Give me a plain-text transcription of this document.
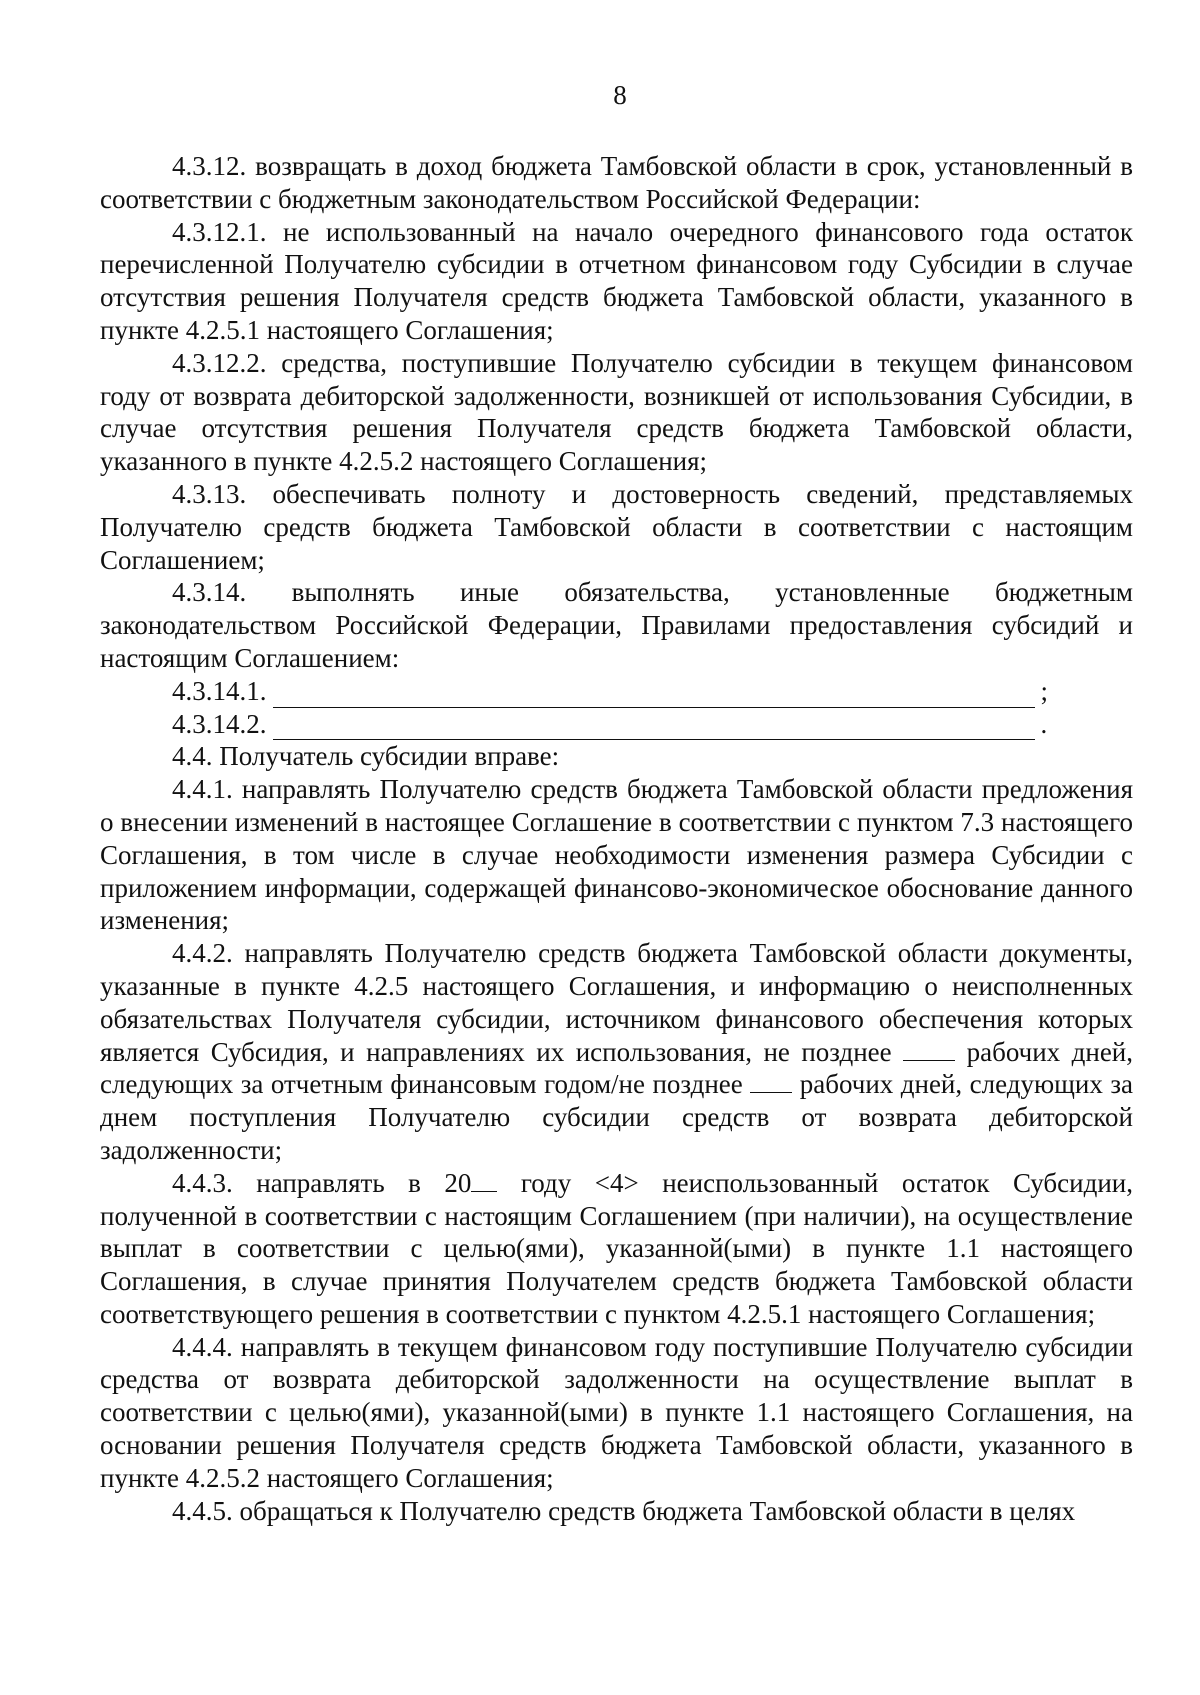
8

4.3.12. возвращать в доход бюджета Тамбовской области в срок, установленный в соответствии с бюджетным законодательством Российской Федерации:

4.3.12.1. не использованный на начало очередного финансового года остаток перечисленной Получателю субсидии в отчетном финансовом году Субсидии в случае отсутствия решения Получателя средств бюджета Тамбовской области, указанного в пункте 4.2.5.1 настоящего Соглашения;

4.3.12.2. средства, поступившие Получателю субсидии в текущем финансовом году от возврата дебиторской задолженности, возникшей от использования Субсидии, в случае отсутствия решения Пoлучателя средств бюджета Тамбовской области, указанного в пункте 4.2.5.2 настоящего Соглашения;

4.3.13. обеспечивать полноту и достоверность сведений, представляемых Получателю средств бюджета Тамбовской области в соответствии с настоящим Соглашением;

4.3.14. выполнять иные обязательства, установленные бюджетным законодательством Российской Федерации, Правилами предоставления субсидий и настоящим Соглашением:

4.3.14.1.	;
4.3.14.2.	.

4.4. Получатель субсидии вправе:

4.4.1. направлять Получателю средств бюджета Тамбовской области предложения о внесении изменений в настоящее Соглашение в соответствии с пунктом 7.3 настоящего Соглашения, в том числе в случае необходимости изменения размера Субсидии с приложением информации, содержащей финансово-экономическое обоснование данного изменения;

4.4.2. направлять Получателю средств бюджета Тамбовской области документы, указанные в пункте 4.2.5 настоящего Соглашения, и информацию о неисполненных обязательствах Получателя субсидии, источником финансового обеспечения которых является Субсидия, и направлениях их использования, не позднее  рабочих дней, следующих за отчетным финансовым годом/не позднее  рабочих дней, следующих за днем поступления Получателю субсидии средств от возврата дебиторской задолженности;

4.4.3. направлять в 20 году <4> неиспользованный остаток Субсидии, полученной в соответствии с настоящим Соглашением (при наличии), на осуществление выплат в соответствии с целью(ями), указанной(ыми) в пункте 1.1 настоящего Соглашения, в случае принятия Получателем средств бюджета Тамбовской области соответствующего решения в соответствии с пунктом 4.2.5.1 настоящего Соглашения;

4.4.4. направлять в текущем финансовом году поступившие Получателю субсидии средства от возврата дебиторской задолженности на осуществление выплат в соответствии с целью(ями), указанной(ыми) в пункте 1.1 настоящего Соглашения, на основании решения Получателя средств бюджета Тамбовской области, указанного в пункте 4.2.5.2 настоящего Соглашения;

4.4.5. обращаться к Получателю средств бюджета Тамбовской области в целях
